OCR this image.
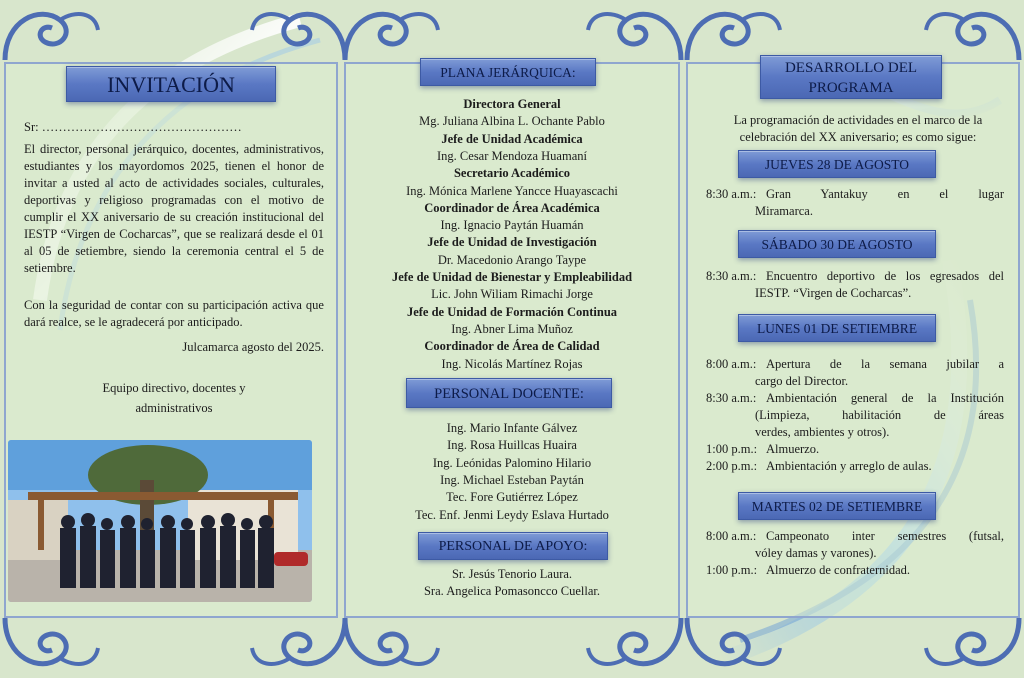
INVITACIÓN
Sr: …………………………………………
El director, personal jerárquico, docentes, administrativos, estudiantes y los mayordomos 2025, tienen el honor de invitar a usted al acto de actividades sociales, culturales, deportivas y religioso programadas con el motivo de cumplir el XX aniversario de su creación institucional del IESTP “Virgen de Cocharcas”, que se realizará desde el 01 al 05 de setiembre, siendo la ceremonia central el 5 de setiembre.
Con la seguridad de contar con su participación activa que dará realce, se le agradecerá por anticipado.
Julcamarca agosto del 2025.
Equipo directivo, docentes y
administrativos
PLANA JERÁRQUICA:
Directora General
Mg. Juliana Albina L. Ochante Pablo
Jefe de Unidad Académica
Ing. Cesar Mendoza Huamaní
Secretario Académico
Ing. Mónica Marlene Yancce Huayascachi
Coordinador de Área Académica
Ing. Ignacio Paytán Huamán
Jefe de Unidad de Investigación
Dr. Macedonio Arango Taype
Jefe de Unidad de Bienestar y Empleabilidad
Lic. John Wiliam Rimachi Jorge
Jefe de Unidad de Formación Continua
Ing. Abner Lima Muñoz
Coordinador de Área de Calidad
Ing. Nicolás Martínez Rojas
PERSONAL DOCENTE:
Ing. Mario Infante Gálvez
Ing. Rosa Huillcas Huaira
Ing. Leónidas Palomino Hilario
Ing. Michael Esteban Paytán
Tec. Fore Gutiérrez López
Tec. Enf. Jenmi Leydy Eslava Hurtado
PERSONAL DE APOYO:
Sr. Jesús Tenorio Laura.
Sra. Angelica Pomasoncco Cuellar.
DESARROLLO DEL
PROGRAMA
La programación de actividades en el marco de la celebración del XX aniversario; es como sigue:
JUEVES 28 DE AGOSTO
8:30 a.m.: Gran Yantakuy en el lugar
Miramarca.
SÁBADO 30 DE AGOSTO
8:30 a.m.: Encuentro deportivo de los egresados del
IESTP. “Virgen de Cocharcas”.
LUNES 01 DE SETIEMBRE
8:00 a.m.: Apertura de la semana jubilar a
cargo del Director.
8:30 a.m.: Ambientación general de la Institución
(Limpieza, habilitación de áreas
verdes, ambientes y otros).
1:00 p.m.: Almuerzo.
2:00 p.m.: Ambientación y arreglo de aulas.
MARTES 02 DE SETIEMBRE
8:00 a.m.: Campeonato inter semestres (futsal,
vóley damas y varones).
1:00 p.m.: Almuerzo de confraternidad.
